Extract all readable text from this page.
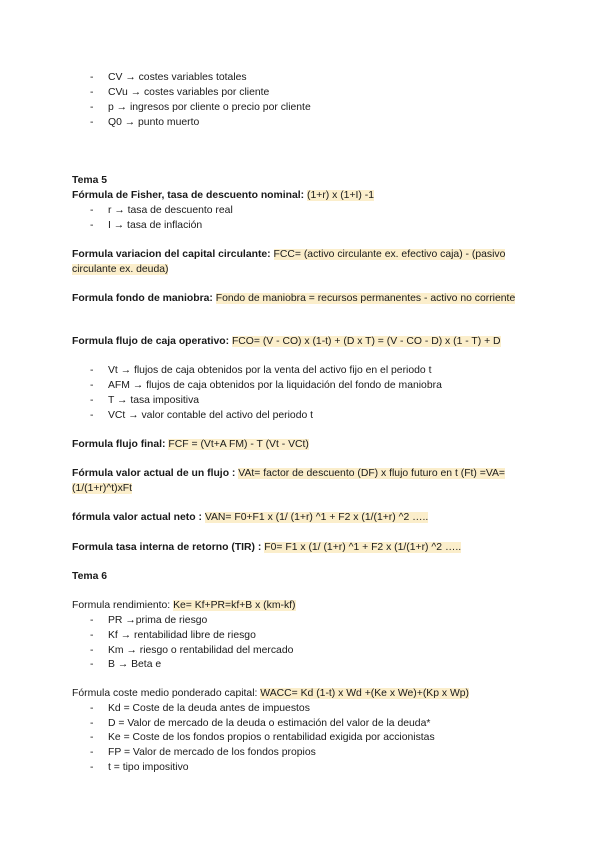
- CV → costes variables totales
- CVu → costes variables por cliente
- p → ingresos por cliente o precio por cliente
- Q0 → punto muerto
Tema 5
Fórmula de Fisher, tasa de descuento nominal: (1+r) x (1+I) -1
- r → tasa de descuento real
- I → tasa de inflación
Formula variacion del capital circulante: FCC= (activo circulante ex. efectivo caja) - (pasivo circulante ex. deuda)
Formula fondo de maniobra: Fondo de maniobra = recursos permanentes - activo no corriente
Formula flujo de caja operativo: FCO= (V - CO) x (1-t) + (D x T) = (V - CO - D) x (1 - T) + D
- Vt → flujos de caja obtenidos por la venta del activo fijo en el periodo t
- AFM → flujos de caja obtenidos por la liquidación del fondo de maniobra
- T → tasa impositiva
- VCt → valor contable del activo del periodo t
Formula flujo final: FCF = (Vt+A FM) - T (Vt - VCt)
Fórmula valor actual de un flujo : VAt= factor de descuento (DF) x flujo futuro en t (Ft) =VA=(1/(1+r)^t)xFt
fórmula valor actual neto : VAN= F0+F1 x (1/ (1+r) ^1 + F2 x (1/(1+r) ^2 …..
Formula tasa interna de retorno (TIR) : F0= F1 x (1/ (1+r) ^1 + F2 x (1/(1+r) ^2 …..
Tema 6
Formula rendimiento: Ke= Kf+PR=kf+B x (km-kf)
- PR →prima de riesgo
- Kf → rentabilidad libre de riesgo
- Km → riesgo o rentabilidad del mercado
- B → Beta e
Fórmula coste medio ponderado capital: WACC= Kd (1-t) x Wd +(Ke x We)+(Kp x Wp)
- Kd = Coste de la deuda antes de impuestos
- D = Valor de mercado de la deuda o estimación del valor de la deuda*
- Ke = Coste de los fondos propios o rentabilidad exigida por accionistas
- FP = Valor de mercado de los fondos propios
- t = tipo impositivo
